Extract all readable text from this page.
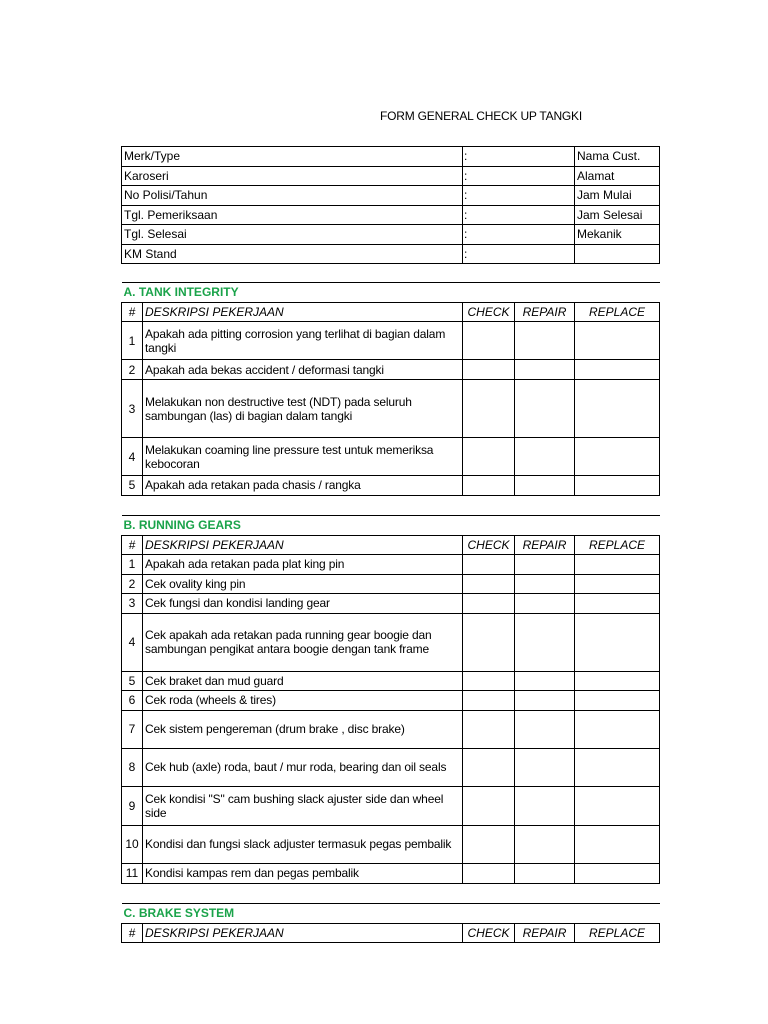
FORM GENERAL CHECK UP TANGKI
Merk/Type	:	Nama Cust.
Karoseri	:	Alamat
No Polisi/Tahun	:	Jam Mulai
Tgl. Pemeriksaan	:	Jam Selesai
Tgl. Selesai	:	Mekanik
KM Stand	:	
A. TANK INTEGRITY				
#	DESKRIPSI PEKERJAAN	CHECK	REPAIR	REPLACE
1	Apakah ada pitting corrosion yang terlihat di bagian dalam tangki			
2	Apakah ada bekas accident / deformasi tangki			
3	Melakukan non destructive test (NDT) pada seluruh sambungan (las) di bagian dalam tangki			
4	Melakukan coaming line pressure test untuk memeriksa kebocoran			
5	Apakah ada retakan pada chasis / rangka			
B. RUNNING GEARS				
#	DESKRIPSI PEKERJAAN	CHECK	REPAIR	REPLACE
1	Apakah ada retakan pada plat king pin			
2	Cek ovality king pin			
3	Cek fungsi dan kondisi landing gear			
4	Cek apakah ada retakan pada running gear boogie dan sambungan pengikat antara boogie dengan tank frame			
5	Cek braket dan mud guard			
6	Cek roda (wheels & tires)			
7	Cek sistem pengereman (drum brake , disc brake)			
8	Cek hub (axle) roda, baut / mur roda, bearing dan oil seals			
9	Cek kondisi "S" cam bushing slack ajuster side dan wheel side			
10	Kondisi dan fungsi slack adjuster termasuk pegas pembalik			
11	Kondisi kampas rem dan pegas pembalik			
C. BRAKE SYSTEM
#	DESKRIPSI PEKERJAAN	CHECK	REPAIR	REPLACE
